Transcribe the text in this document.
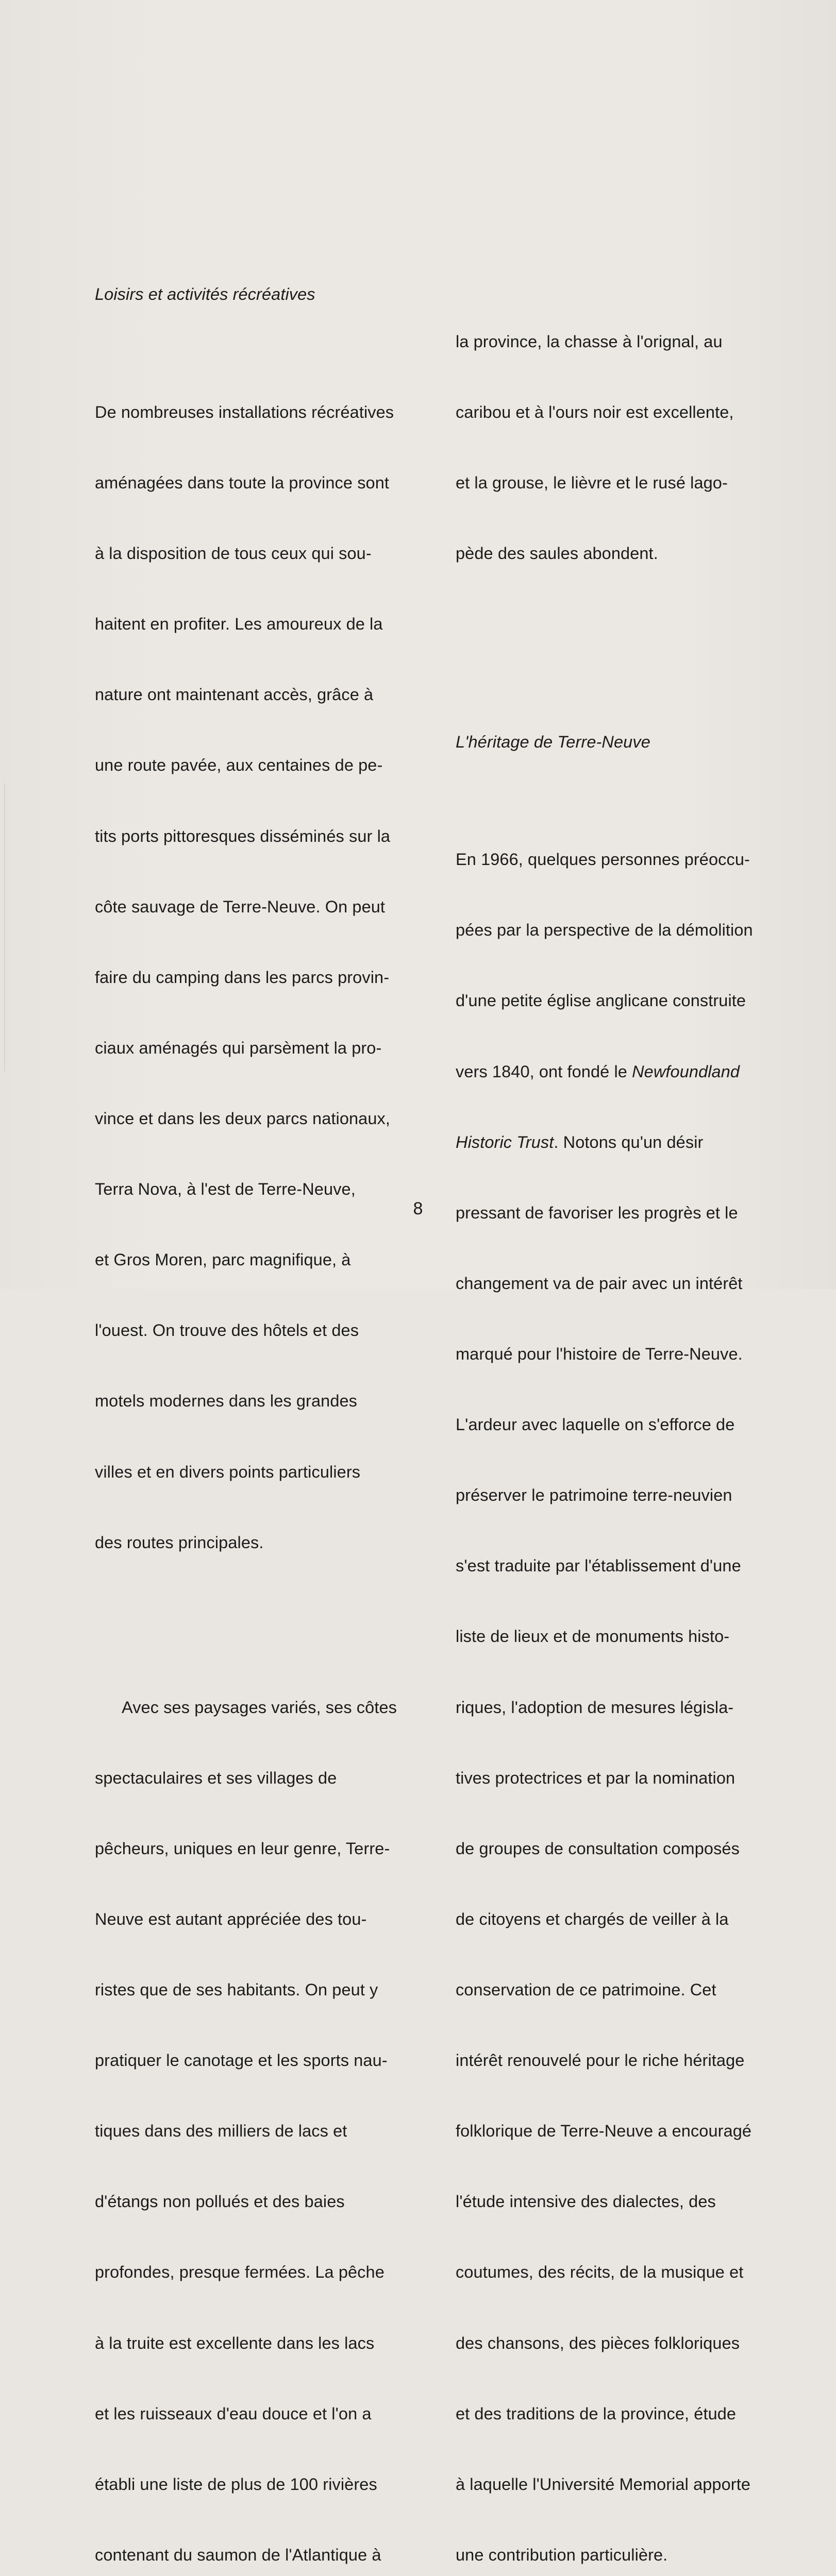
Loisirs et activités récréatives

De nombreuses installations récréatives

aménagées dans toute la province sont

à la disposition de tous ceux qui sou-

haitent en profiter. Les amoureux de la

nature ont maintenant accès, grâce à

une route pavée, aux centaines de pe-

tits ports pittoresques disséminés sur la

côte sauvage de Terre-Neuve. On peut

faire du camping dans les parcs provin-

ciaux aménagés qui parsèment la pro-

vince et dans les deux parcs nationaux,

Terra Nova, à l'est de Terre-Neuve,

et Gros Moren, parc magnifique, à

l'ouest. On trouve des hôtels et des

motels modernes dans les grandes

villes et en divers points particuliers

des routes principales.

Avec ses paysages variés, ses côtes

spectaculaires et ses villages de

pêcheurs, uniques en leur genre, Terre-

Neuve est autant appréciée des tou-

ristes que de ses habitants. On peut y

pratiquer le canotage et les sports nau-

tiques dans des milliers de lacs et

d'étangs non pollués et des baies

profondes, presque fermées. La pêche

à la truite est excellente dans les lacs

et les ruisseaux d'eau douce et l'on a

établi une liste de plus de 100 rivières

contenant du saumon de l'Atlantique à

la province, la chasse à l'orignal, au

caribou et à l'ours noir est excellente,

et la grouse, le lièvre et le rusé lago-

pède des saules abondent.

L'héritage de Terre-Neuve

En 1966, quelques personnes préoccu-

pées par la perspective de la démolition

d'une petite église anglicane construite

vers 1840, ont fondé le Newfoundland

Historic Trust. Notons qu'un désir

pressant de favoriser les progrès et le

changement va de pair avec un intérêt

marqué pour l'histoire de Terre-Neuve.

L'ardeur avec laquelle on s'efforce de

préserver le patrimoine terre-neuvien

s'est traduite par l'établissement d'une

liste de lieux et de monuments histo-

riques, l'adoption de mesures législa-

tives protectrices et par la nomination

de groupes de consultation composés

de citoyens et chargés de veiller à la

conservation de ce patrimoine. Cet

intérêt renouvelé pour le riche héritage

folklorique de Terre-Neuve a encouragé

l'étude intensive des dialectes, des

coutumes, des récits, de la musique et

des chansons, des pièces folkloriques

et des traditions de la province, étude

à laquelle l'Université Memorial apporte

une contribution particulière.

8
